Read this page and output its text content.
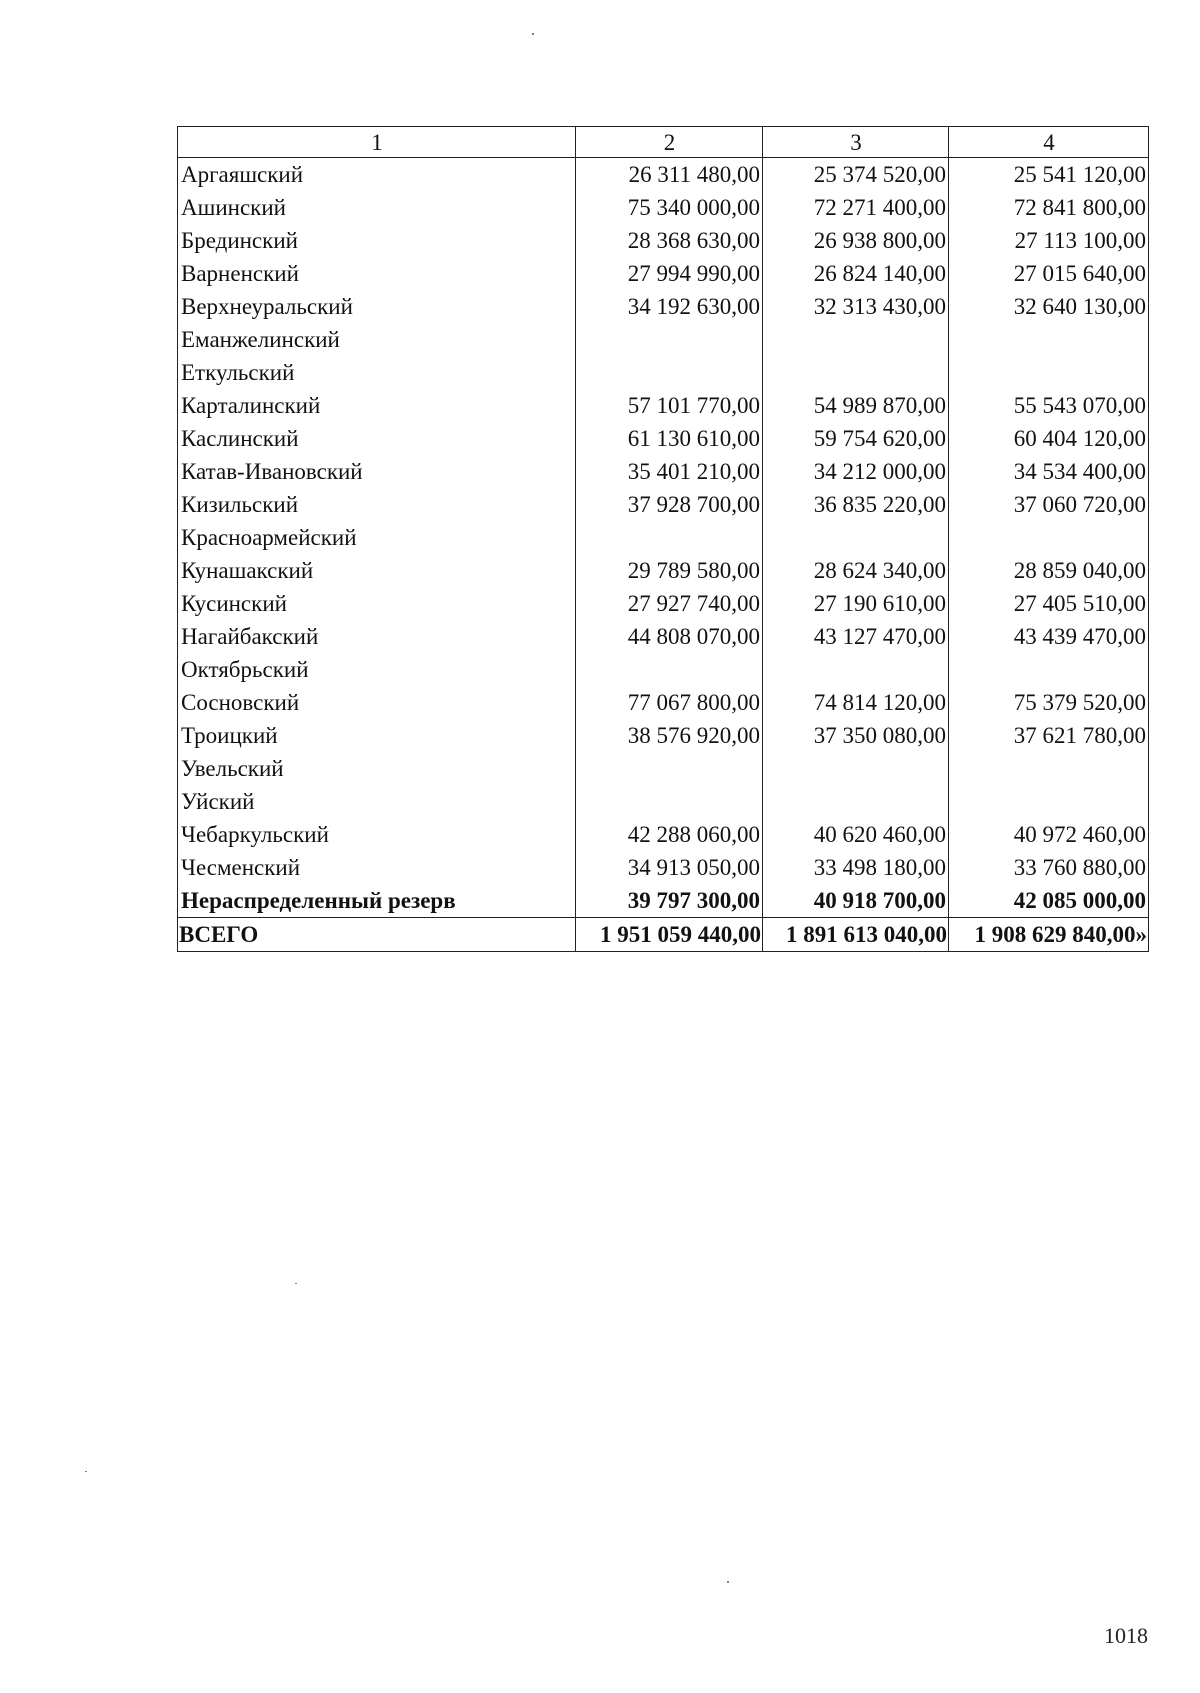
1	2	3	4
Аргаяшский	26 311 480,00	25 374 520,00	25 541 120,00
Ашинский	75 340 000,00	72 271 400,00	72 841 800,00
Брединский	28 368 630,00	26 938 800,00	27 113 100,00
Варненский	27 994 990,00	26 824 140,00	27 015 640,00
Верхнеуральский	34 192 630,00	32 313 430,00	32 640 130,00
Еманжелинский			
Еткульский			
Карталинский	57 101 770,00	54 989 870,00	55 543 070,00
Каслинский	61 130 610,00	59 754 620,00	60 404 120,00
Катав-Ивановский	35 401 210,00	34 212 000,00	34 534 400,00
Кизильский	37 928 700,00	36 835 220,00	37 060 720,00
Красноармейский			
Кунашакский	29 789 580,00	28 624 340,00	28 859 040,00
Кусинский	27 927 740,00	27 190 610,00	27 405 510,00
Нагайбакский	44 808 070,00	43 127 470,00	43 439 470,00
Октябрьский			
Сосновский	77 067 800,00	74 814 120,00	75 379 520,00
Троицкий	38 576 920,00	37 350 080,00	37 621 780,00
Увельский			
Уйский			
Чебаркульский	42 288 060,00	40 620 460,00	40 972 460,00
Чесменский	34 913 050,00	33 498 180,00	33 760 880,00
Нераспределенный резерв	39 797 300,00	40 918 700,00	42 085 000,00
ВСЕГО	1 951 059 440,00	1 891 613 040,00	1 908 629 840,00»
1018
